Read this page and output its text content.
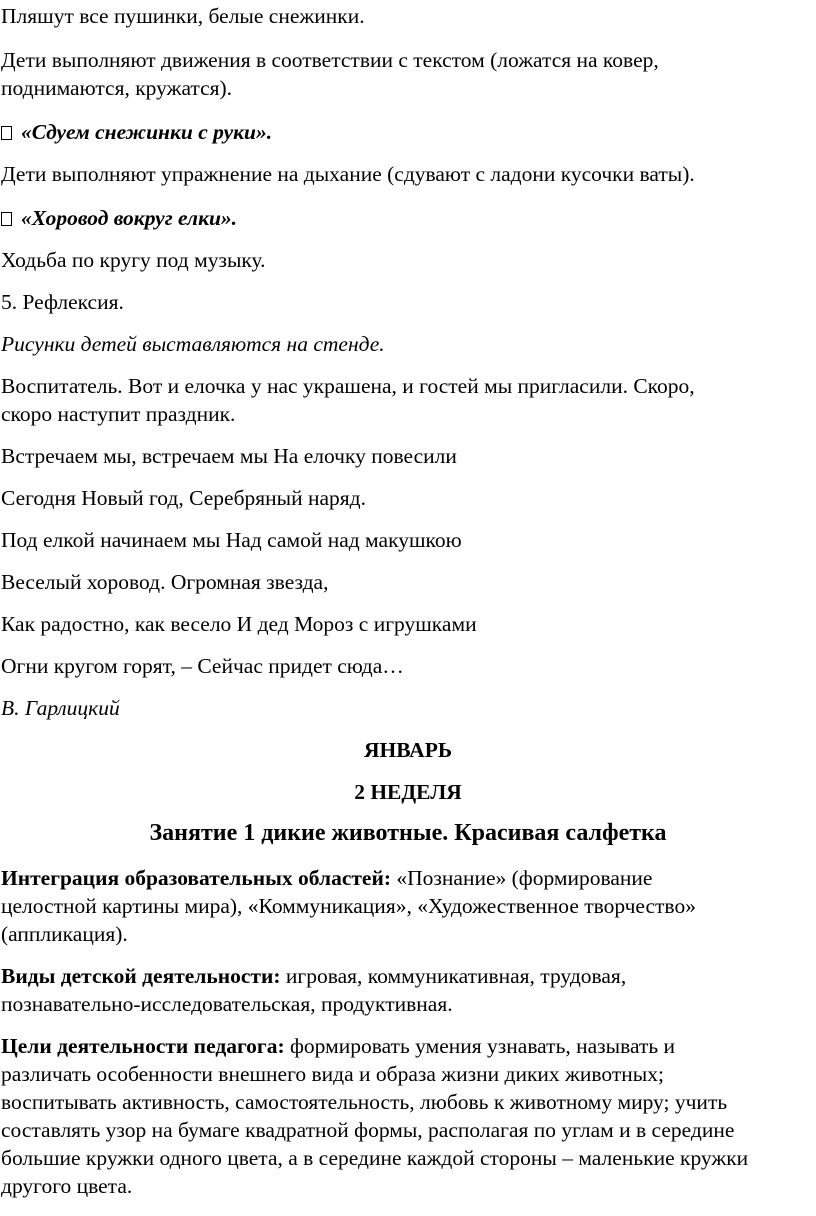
Пляшут все пушинки, белые снежинки.
Дети выполняют движения в соответствии с текстом (ложатся на ковер,
поднимаются, кружатся).
«Сдуем снежинки с руки».
Дети выполняют упражнение на дыхание (сдувают с ладони кусочки ваты).
«Хоровод вокруг елки».
Ходьба по кругу под музыку.
5. Рефлексия.
Рисунки детей выставляются на стенде.
Воспитатель. Вот и елочка у нас украшена, и гостей мы пригласили. Скоро,
скоро наступит праздник.
Встречаем мы, встречаем мы На елочку повесили
Сегодня Новый год, Серебряный наряд.
Под елкой начинаем мы Над самой над макушкою
Веселый хоровод. Огромная звезда,
Как радостно, как весело И дед Мороз с игрушками
Огни кругом горят, – Сейчас придет сюда…
В. Гарлицкий
ЯНВАРЬ
2 НЕДЕЛЯ
Занятие 1 дикие животные. Красивая салфетка
Интеграция образовательных областей: «Познание» (формирование
целостной картины мира), «Коммуникация», «Художественное творчество»
(аппликация).
Виды детской деятельности: игровая, коммуникативная, трудовая,
познавательно-исследовательская, продуктивная.
Цели деятельности педагога: формировать умения узнавать, называть и
различать особенности внешнего вида и образа жизни диких животных;
воспитывать активность, самостоятельность, любовь к животному миру; учить
составлять узор на бумаге квадратной формы, располагая по углам и в середине
большие кружки одного цвета, а в середине каждой стороны – маленькие кружки
другого цвета.
